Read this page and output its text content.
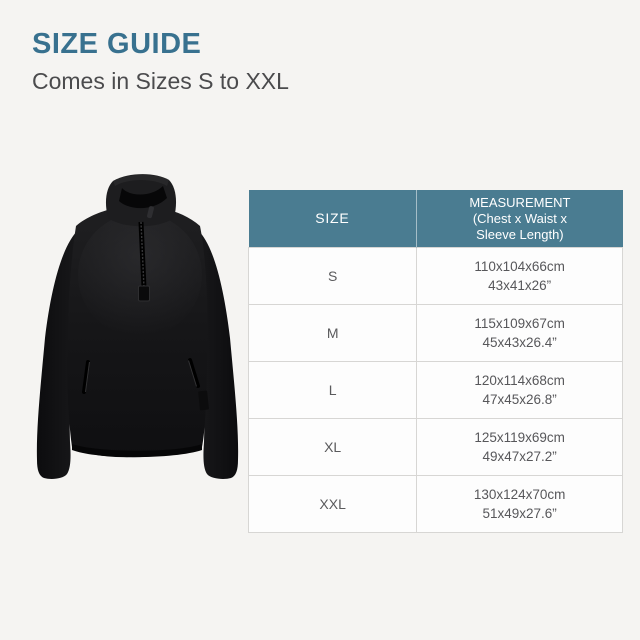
SIZE GUIDE
Comes in Sizes S to XXL
SIZE	MEASUREMENT
(Chest x Waist x
Sleeve Length)

S	110x104x66cm
43x41x26”

M	115x109x67cm
45x43x26.4”

L	120x114x68cm
47x45x26.8”

XL	125x119x69cm
49x47x27.2”

XXL	130x124x70cm
51x49x27.6”
